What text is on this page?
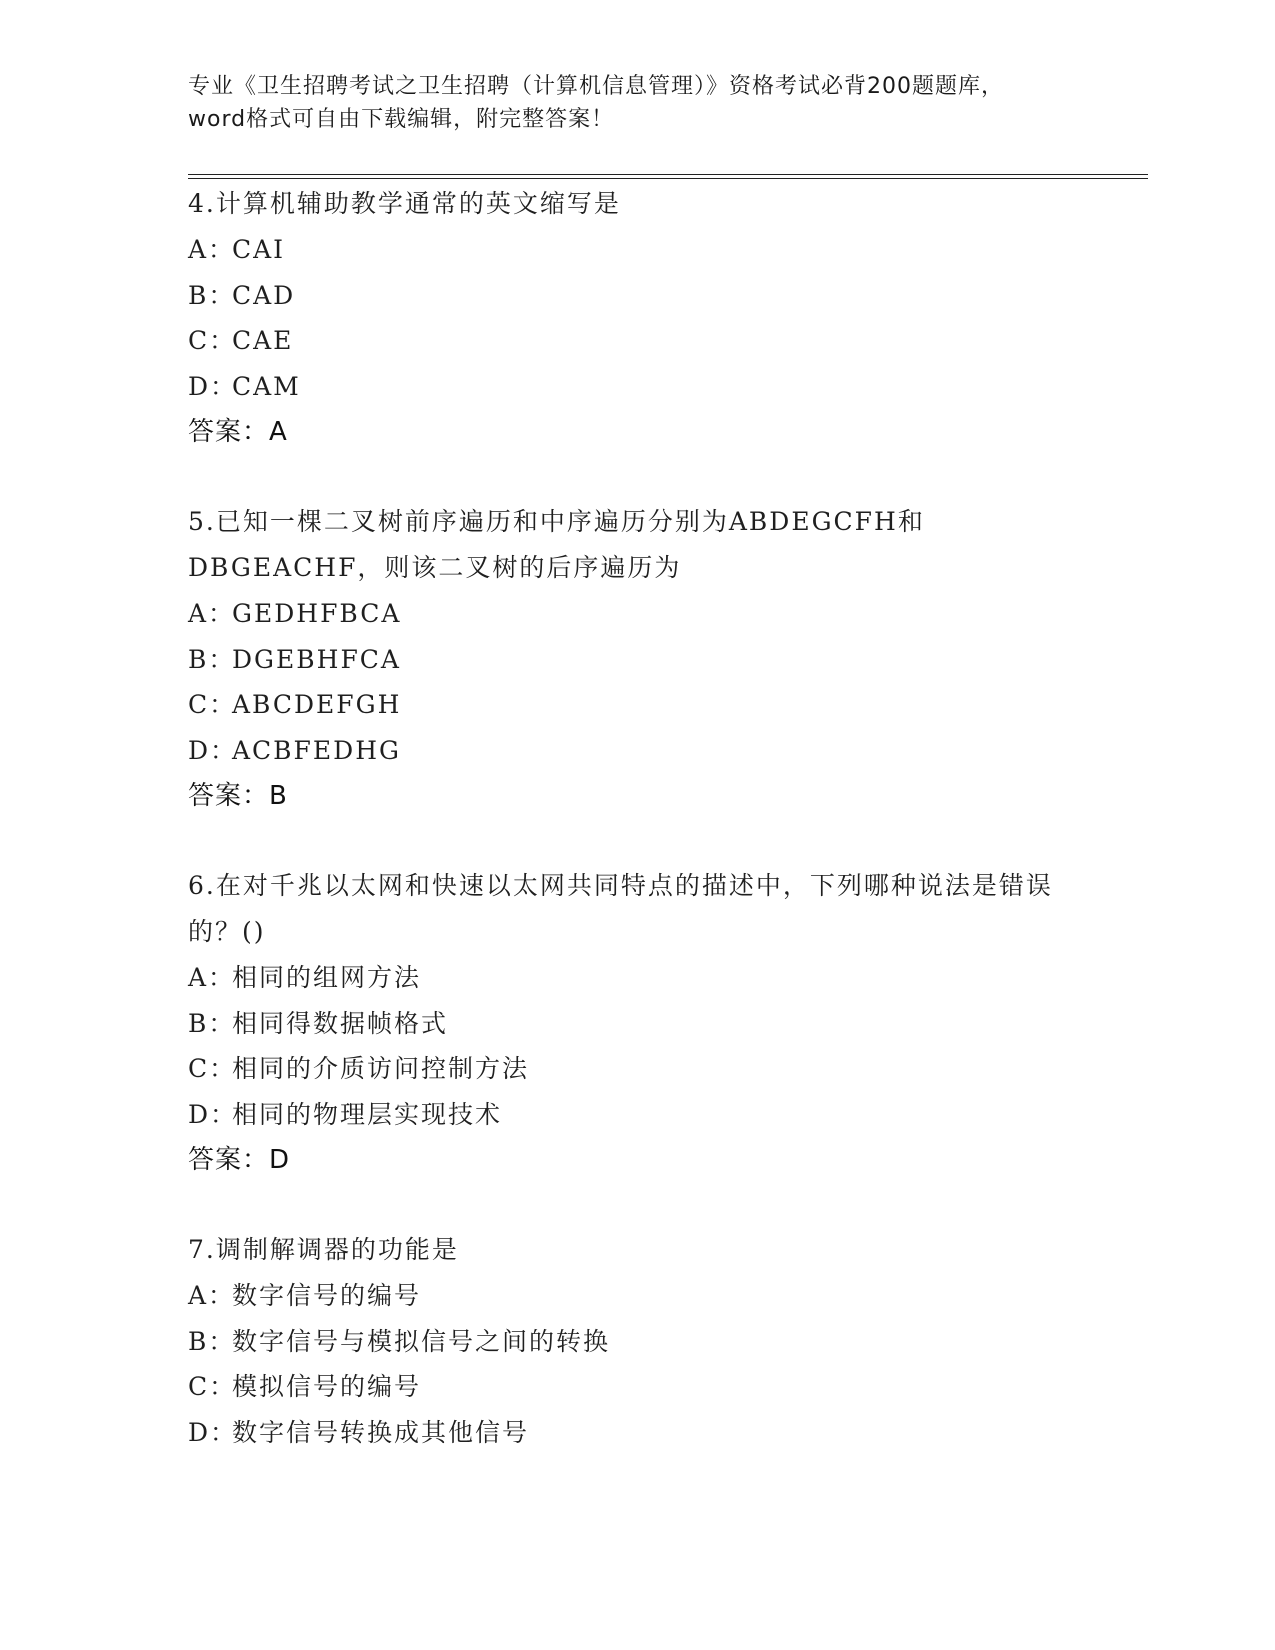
专业《卫生招聘考试之卫生招聘（计算机信息管理）》资格考试必背200题题库，
word格式可自由下载编辑，附完整答案！
4.计算机辅助教学通常的英文缩写是
A：CAI
B：CAD
C：CAE
D：CAM
答案：A
5.已知一棵二叉树前序遍历和中序遍历分别为ABDEGCFH和DBGEACHF，则该二叉树的后序遍历为
A：GEDHFBCA
B：DGEBHFCA
C：ABCDEFGH
D：ACBFEDHG
答案：B
6.在对千兆以太网和快速以太网共同特点的描述中，下列哪种说法是错误的？()
A：相同的组网方法
B：相同得数据帧格式
C：相同的介质访问控制方法
D：相同的物理层实现技术
答案：D
7.调制解调器的功能是
A：数字信号的编号
B：数字信号与模拟信号之间的转换
C：模拟信号的编号
D：数字信号转换成其他信号
